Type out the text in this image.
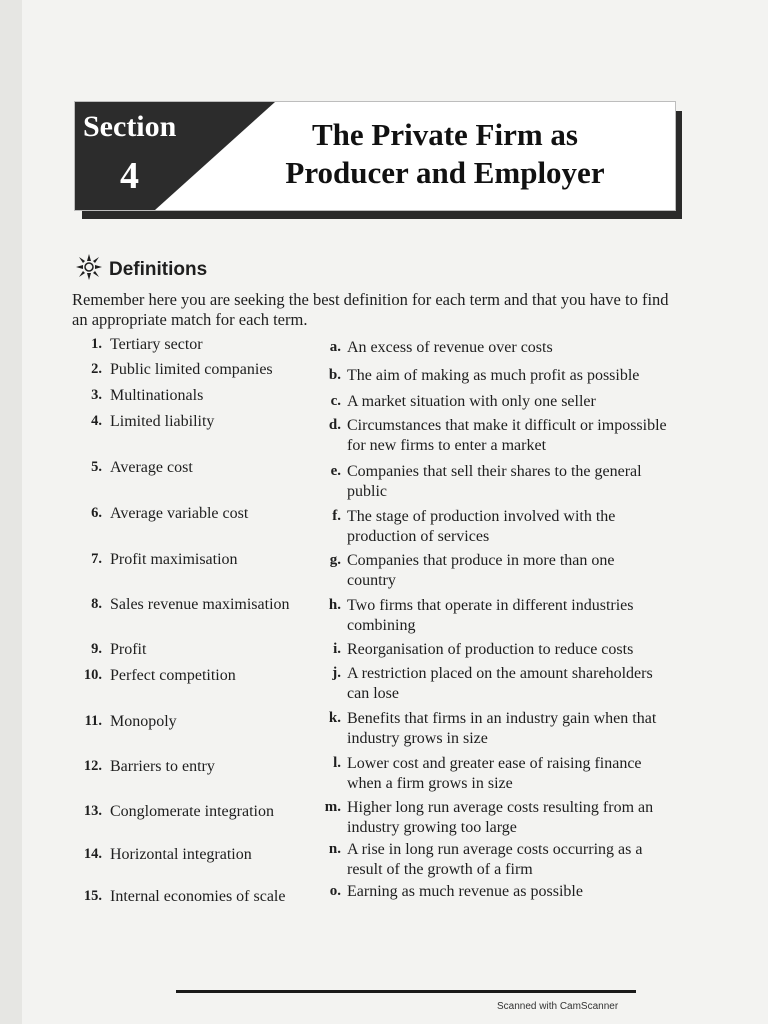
Section
4
The Private Firm as
Producer and Employer
Definitions
Remember here you are seeking the best definition for each term and that you have to find an appropriate match for each term.
1. Tertiary sector	a. An excess of revenue over costs
2. Public limited companies	b. The aim of making as much profit as possible
3. Multinationals	c. A market situation with only one seller
4. Limited liability	d. Circumstances that make it difficult or impossible for new firms to enter a market
5. Average cost	e. Companies that sell their shares to the general public
6. Average variable cost	f. The stage of production involved with the production of services
7. Profit maximisation	g. Companies that produce in more than one country
8. Sales revenue maximisation	h. Two firms that operate in different industries combining
9. Profit	i. Reorganisation of production to reduce costs
10. Perfect competition	j. A restriction placed on the amount shareholders can lose
11. Monopoly	k. Benefits that firms in an industry gain when that industry grows in size
12. Barriers to entry	l. Lower cost and greater ease of raising finance when a firm grows in size
13. Conglomerate integration	m. Higher long run average costs resulting from an industry growing too large
14. Horizontal integration	n. A rise in long run average costs occurring as a result of the growth of a firm
15. Internal economies of scale	o. Earning as much revenue as possible
Scanned with CamScanner
